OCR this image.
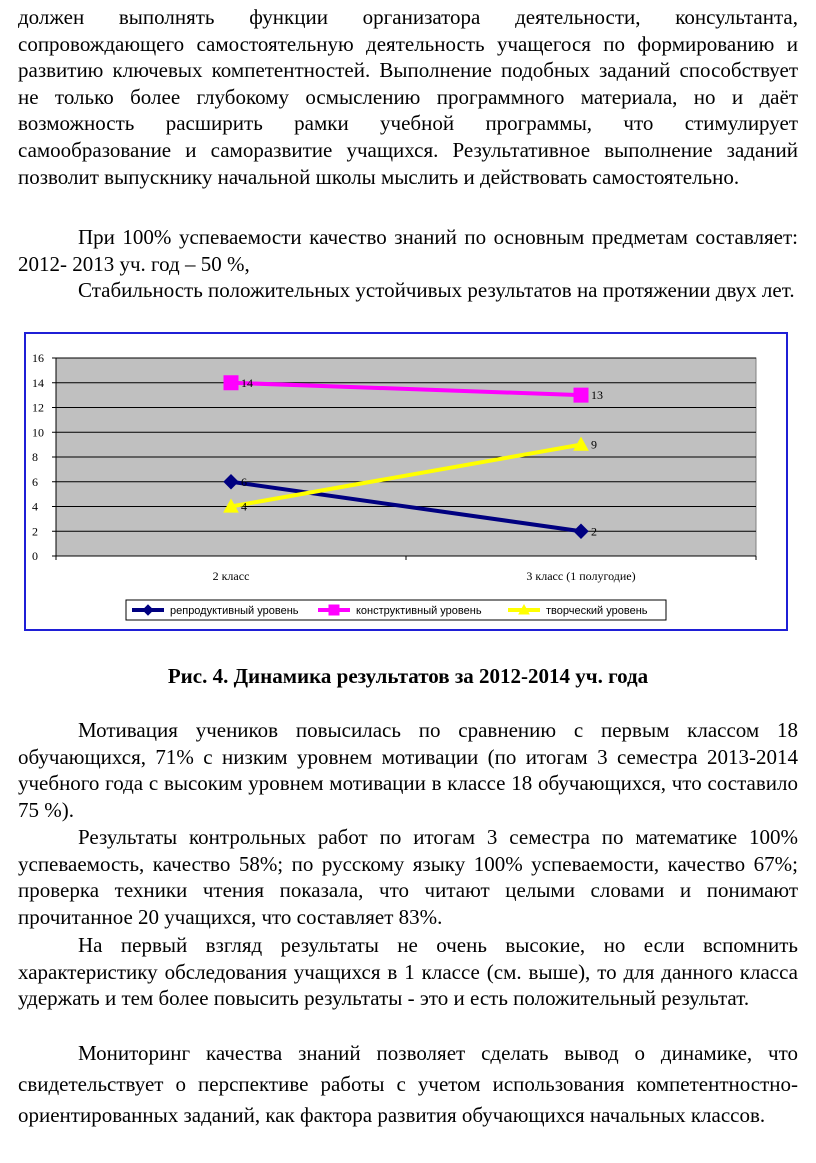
должен выполнять функции организатора деятельности, консультанта, сопровождающего самостоятельную деятельность учащегося по формированию и развитию ключевых компетентностей. Выполнение подобных заданий способствует не только более глубокому осмыслению программного материала, но и даёт возможность расширить рамки учебной программы, что стимулирует самообразование и саморазвитие учащихся. Результативное выполнение заданий позволит выпускнику начальной школы мыслить и действовать самостоятельно.

При 100% успеваемости качество знаний по основным предметам составляет: 2012- 2013 уч. год – 50 %,

Стабильность положительных устойчивых результатов на протяжении двух лет.

0
2
4
6
8
10
12
14
16
2 класс	3 класс (1 полугодие)
6
2
14
13
4
9
репродуктивный уровень	конструктивный уровень	творческий уровень

Рис. 4. Динамика результатов за 2012-2014 уч. года

Мотивация учеников повысилась по сравнению с первым классом 18 обучающихся, 71% с низким уровнем мотивации (по итогам 3 семестра 2013-2014 учебного года с высоким уровнем мотивации в классе 18 обучающихся, что составило 75 %).

Результаты контрольных работ по итогам 3 семестра по математике 100% успеваемость, качество 58%; по русскому языку 100% успеваемости, качество 67%; проверка техники чтения показала, что читают целыми словами и понимают прочитанное 20 учащихся, что составляет 83%.

На первый взгляд результаты не очень высокие, но если вспомнить характеристику обследования учащихся в 1 классе (см. выше), то для данного класса удержать и тем более повысить результаты - это и есть положительный результат.

Мониторинг качества знаний позволяет сделать вывод о динамике, что свидетельствует о перспективе работы с учетом использования компетентностно-ориентированных заданий, как фактора развития обучающихся начальных классов.
